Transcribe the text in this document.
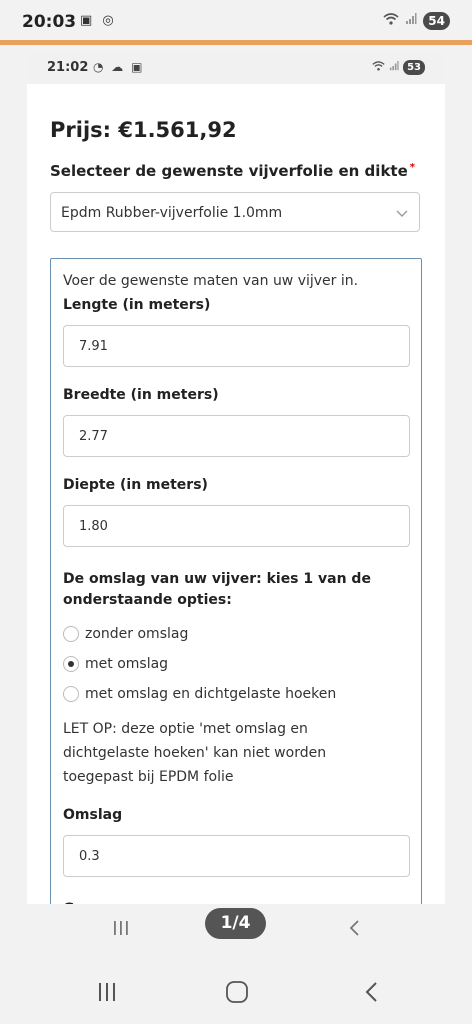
20:03 ▣ ◎	54
21:02 ◔ ☁ ▣	53
Prijs: €1.561,92
Selecteer de gewenste vijverfolie en dikte *
Epdm Rubber-vijverfolie 1.0mm
Voer de gewenste maten van uw vijver in.
Lengte (in meters)
7.91
Breedte (in meters)
2.77
Diepte (in meters)
1.80
De omslag van uw vijver: kies 1 van de
onderstaande opties:
zonder omslag
met omslag
met omslag en dichtgelaste hoeken
LET OP: deze optie 'met omslag en
dichtgelaste hoeken' kan niet worden
toegepast bij EPDM folie
Omslag
0.3
1/4
